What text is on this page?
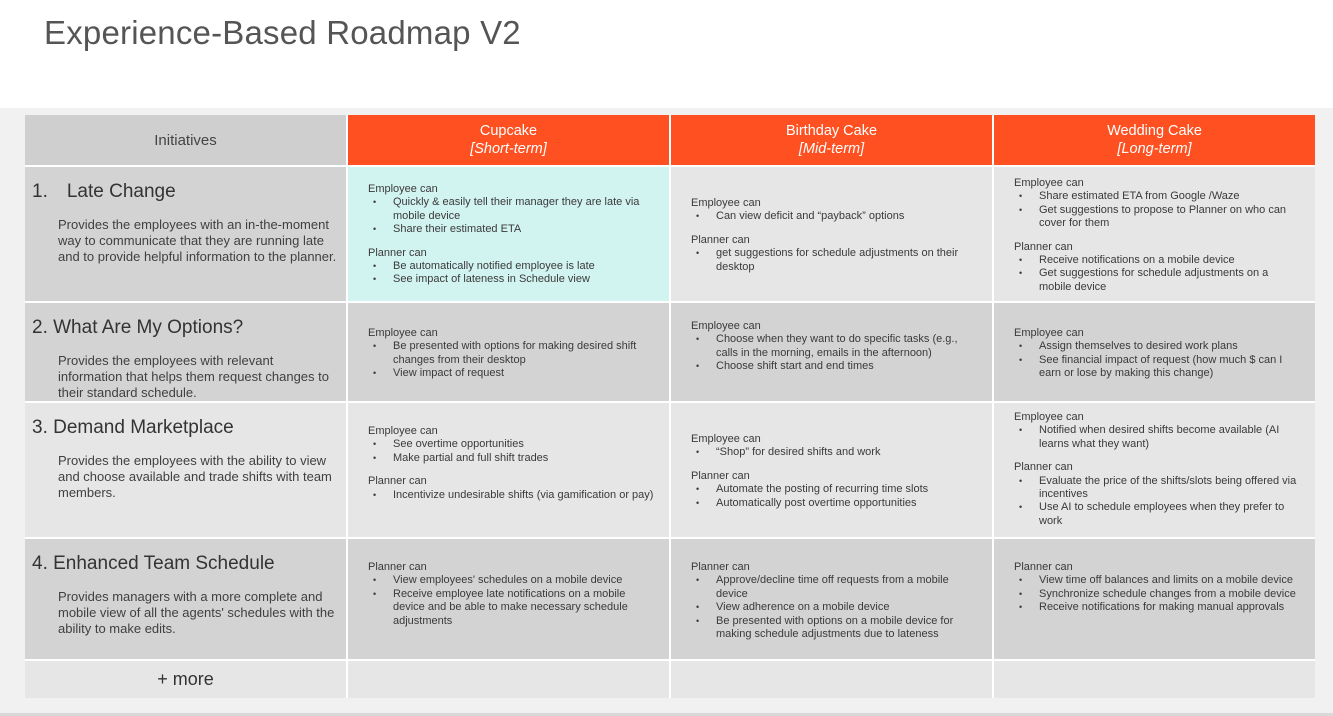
Experience-Based Roadmap V2
Initiatives
Cupcake
[Short-term]
Birthday Cake
[Mid-term]
Wedding Cake
[Long-term]
1. Late Change
Provides the employees with an in-the-moment way to communicate that they are running late and to provide helpful information to the planner.
Employee can
• Quickly & easily tell their manager they are late via mobile device
• Share their estimated ETA
Planner can
• Be automatically notified employee is late
• See impact of lateness in Schedule view
Employee can
• Can view deficit and “payback” options
Planner can
• get suggestions for schedule adjustments on their desktop
Employee can
• Share estimated ETA from Google /Waze
• Get suggestions to propose to Planner on who can cover for them
Planner can
• Receive notifications on a mobile device
• Get suggestions for schedule adjustments on a mobile device
2. What Are My Options?
Provides the employees with relevant information that helps them request changes to their standard schedule.
Employee can
• Be presented with options for making desired shift changes from their desktop
• View impact of request
Employee can
• Choose when they want to do specific tasks (e.g., calls in the morning, emails in the afternoon)
• Choose shift start and end times
Employee can
• Assign themselves to desired work plans
• See financial impact of request (how much $ can I earn or lose by making this change)
3. Demand Marketplace
Provides the employees with the ability to view and choose available and trade shifts with team members.
Employee can
• See overtime opportunities
• Make partial and full shift trades
Planner can
• Incentivize undesirable shifts (via gamification or pay)
Employee can
• “Shop” for desired shifts and work
Planner can
• Automate the posting of recurring time slots
• Automatically post overtime opportunities
Employee can
• Notified when desired shifts become available (AI learns what they want)
Planner can
• Evaluate the price of the shifts/slots being offered via incentives
• Use AI to schedule employees when they prefer to work
4. Enhanced Team Schedule
Provides managers with a more complete and mobile view of all the agents' schedules with the ability to make edits.
Planner can
• View employees' schedules on a mobile device
• Receive employee late notifications on a mobile device and be able to make necessary schedule adjustments
Planner can
• Approve/decline time off requests from a mobile device
• View adherence on a mobile device
• Be presented with options on a mobile device for making schedule adjustments due to lateness
Planner can
• View time off balances and limits on a mobile device
• Synchronize schedule changes from a mobile device
• Receive notifications for making manual approvals
+ more
